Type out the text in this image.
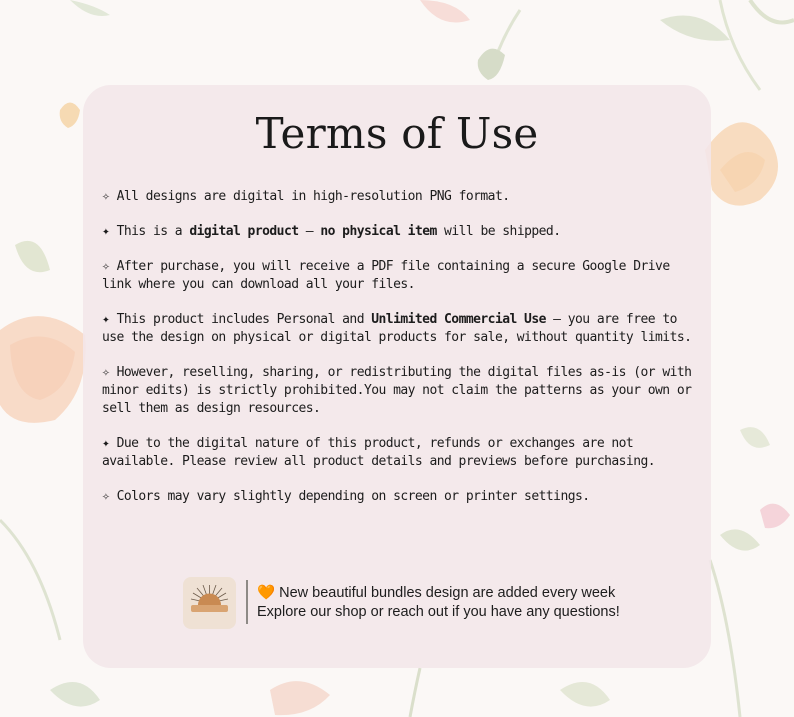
Terms of Use
✧ All designs are digital in high-resolution PNG format.
✦ This is a digital product — no physical item will be shipped.
✧ After purchase, you will receive a PDF file containing a secure Google Drive link where you can download all your files.
✦ This product includes Personal and Unlimited Commercial Use — you are free to use the design on physical or digital products for sale, without quantity limits.
✧ However, reselling, sharing, or redistributing the digital files as-is (or with minor edits) is strictly prohibited.You may not claim the patterns as your own or sell them as design resources.
✦ Due to the digital nature of this product, refunds or exchanges are not available. Please review all product details and previews before purchasing.
✧ Colors may vary slightly depending on screen or printer settings.
🧡 New beautiful bundles design are added every week
Explore our shop or reach out if you have any questions!
